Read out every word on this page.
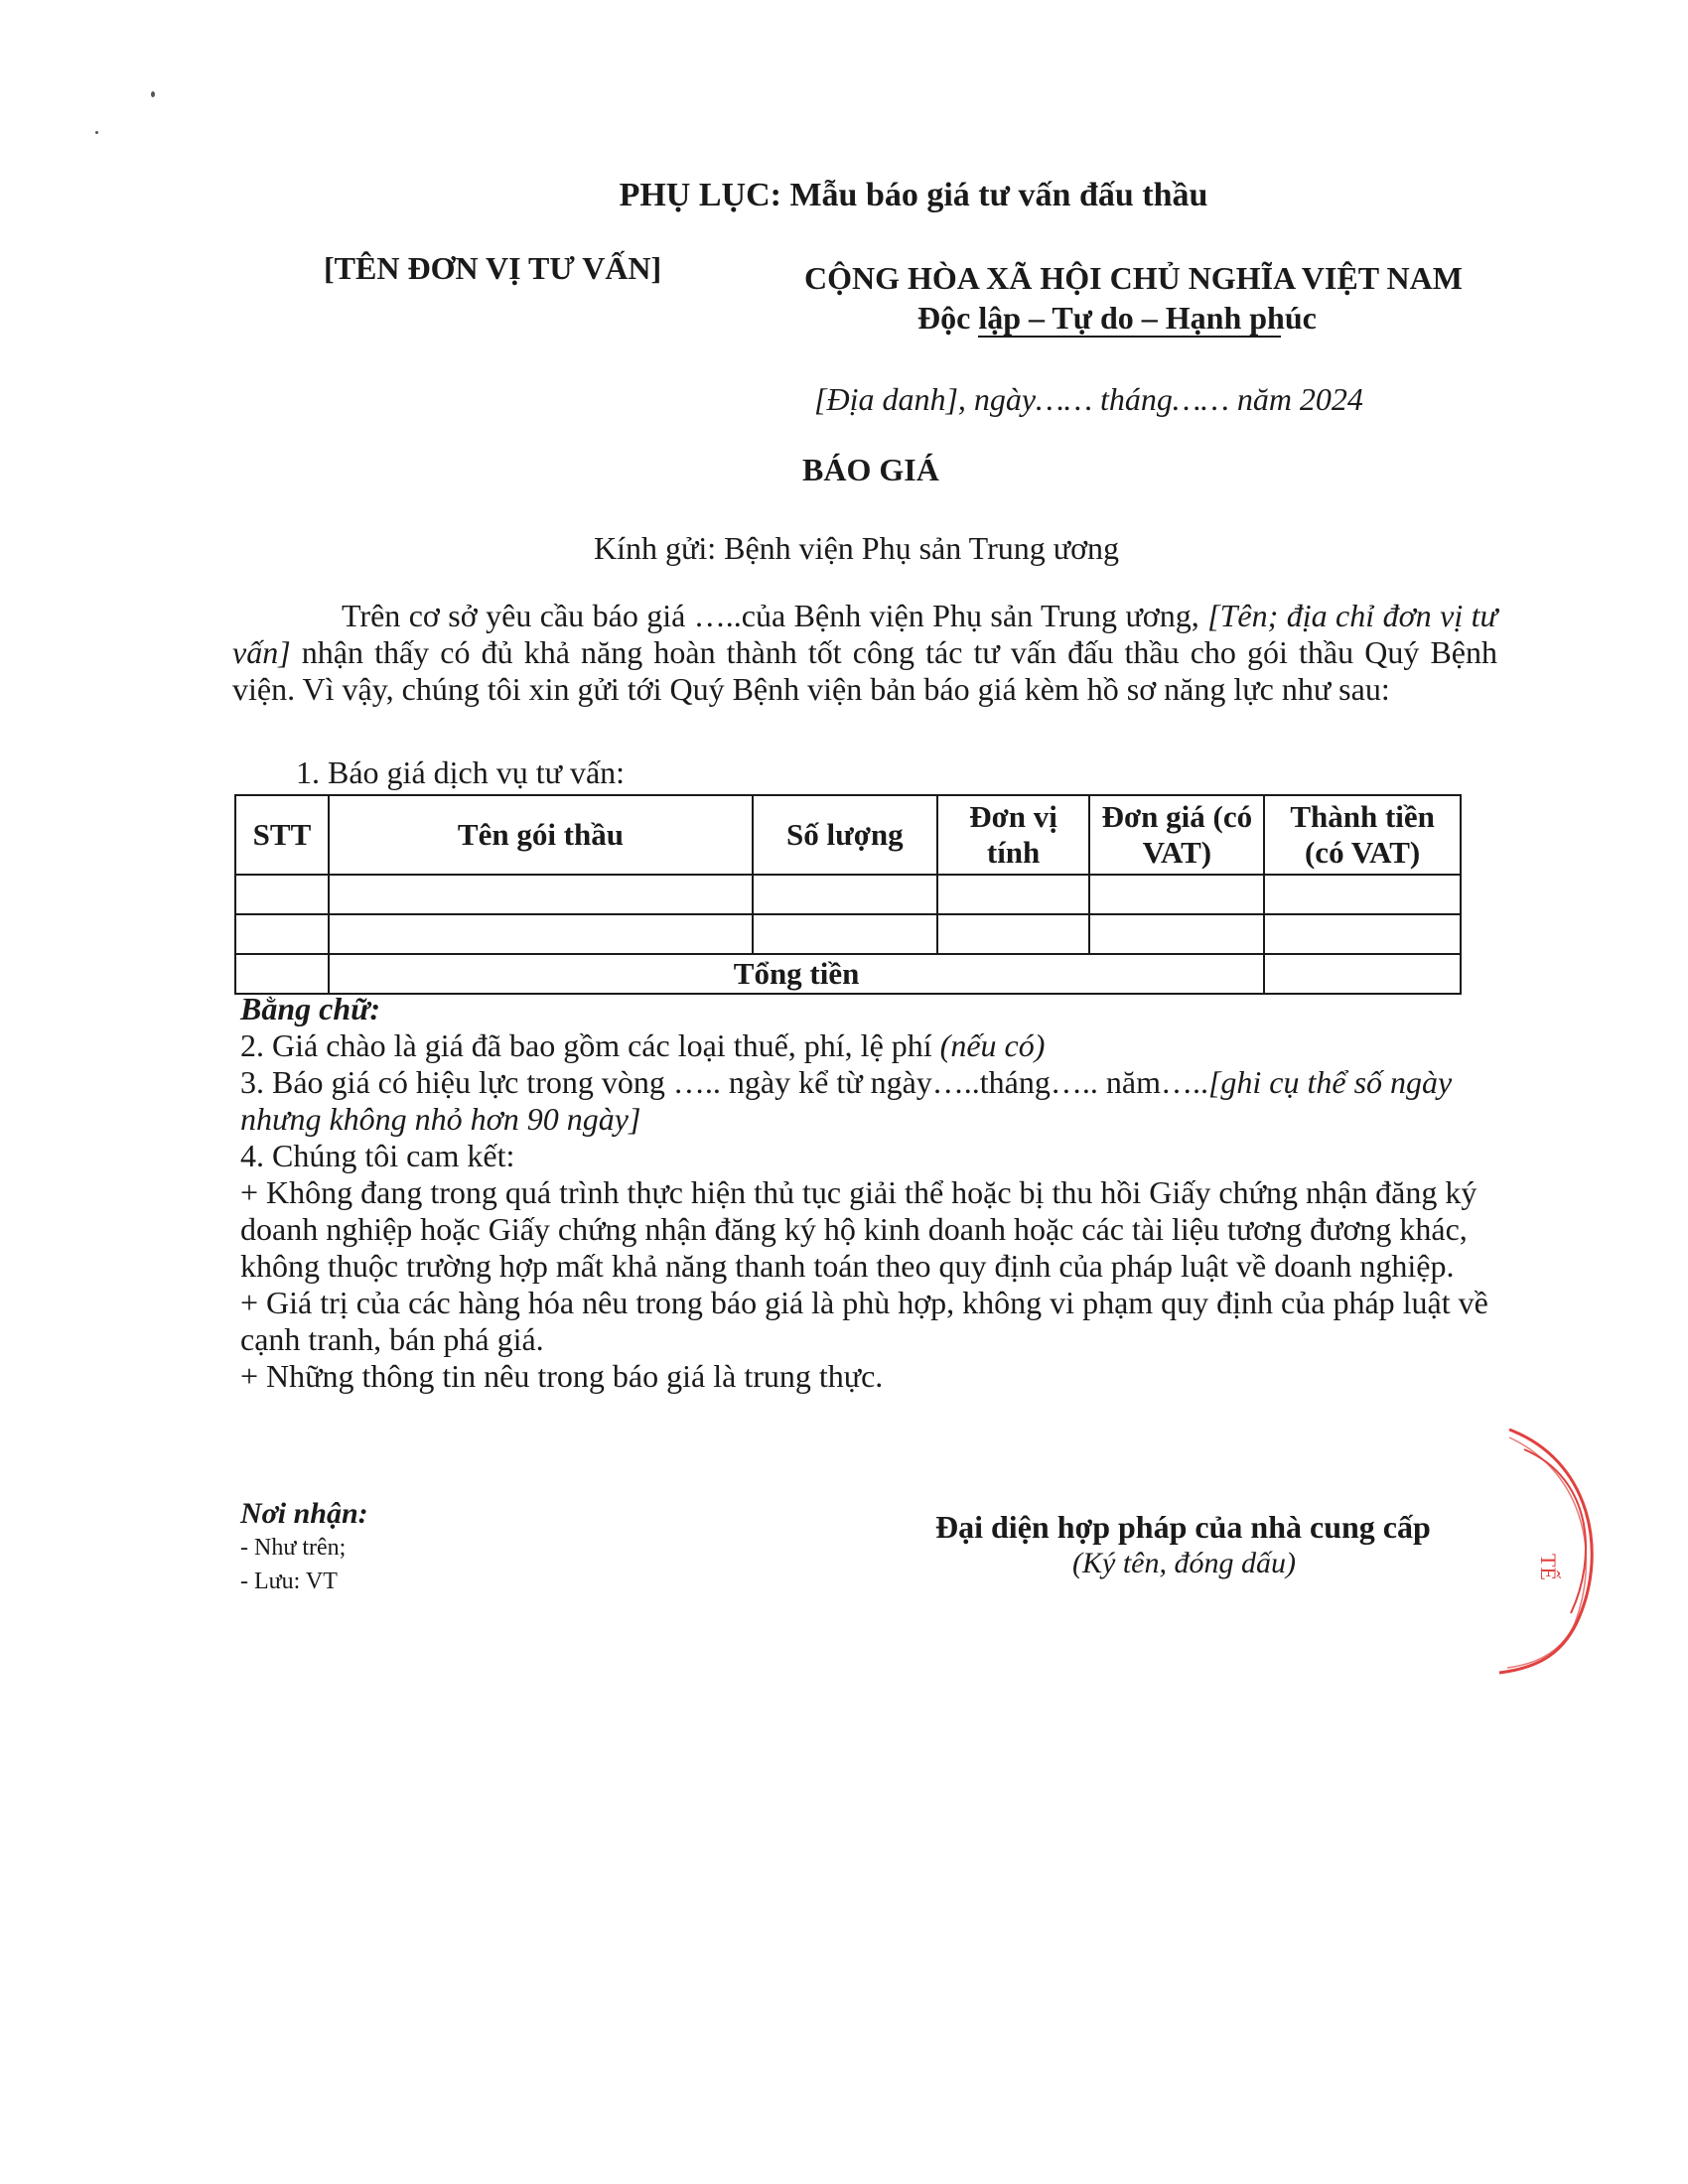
PHỤ LỤC: Mẫu báo giá tư vấn đấu thầu
[TÊN ĐƠN VỊ TƯ VẤN]	CỘNG HÒA XÃ HỘI CHỦ NGHĨA VIỆT NAM
Độc lập – Tự do – Hạnh phúc
[Địa danh], ngày…… tháng…… năm 2024
BÁO GIÁ
Kính gửi: Bệnh viện Phụ sản Trung ương
Trên cơ sở yêu cầu báo giá …..của Bệnh viện Phụ sản Trung ương, [Tên; địa chỉ đơn vị tư vấn] nhận thấy có đủ khả năng hoàn thành tốt công tác tư vấn đấu thầu cho gói thầu Quý Bệnh viện. Vì vậy, chúng tôi xin gửi tới Quý Bệnh viện bản báo giá kèm hồ sơ năng lực như sau:
1. Báo giá dịch vụ tư vấn:
STT	Tên gói thầu	Số lượng	Đơn vị tính	Đơn giá (có VAT)	Thành tiền (có VAT)

	Tổng tiền				

Bằng chữ:

2. Giá chào là giá đã bao gồm các loại thuế, phí, lệ phí (nếu có)

3. Báo giá có hiệu lực trong vòng ….. ngày kể từ ngày…..tháng….. năm…..[ghi cụ thể số ngày nhưng không nhỏ hơn 90 ngày]

4. Chúng tôi cam kết:

+ Không đang trong quá trình thực hiện thủ tục giải thể hoặc bị thu hồi Giấy chứng nhận đăng ký doanh nghiệp hoặc Giấy chứng nhận đăng ký hộ kinh doanh hoặc các tài liệu tương đương khác, không thuộc trường hợp mất khả năng thanh toán theo quy định của pháp luật về doanh nghiệp.

+ Giá trị của các hàng hóa nêu trong báo giá là phù hợp, không vi phạm quy định của pháp luật về cạnh tranh, bán phá giá.

+ Những thông tin nêu trong báo giá là trung thực.

Nơi nhận:
- Như trên;
- Lưu: VT
Đại diện hợp pháp của nhà cung cấp
(Ký tên, đóng dấu)	TẾ
